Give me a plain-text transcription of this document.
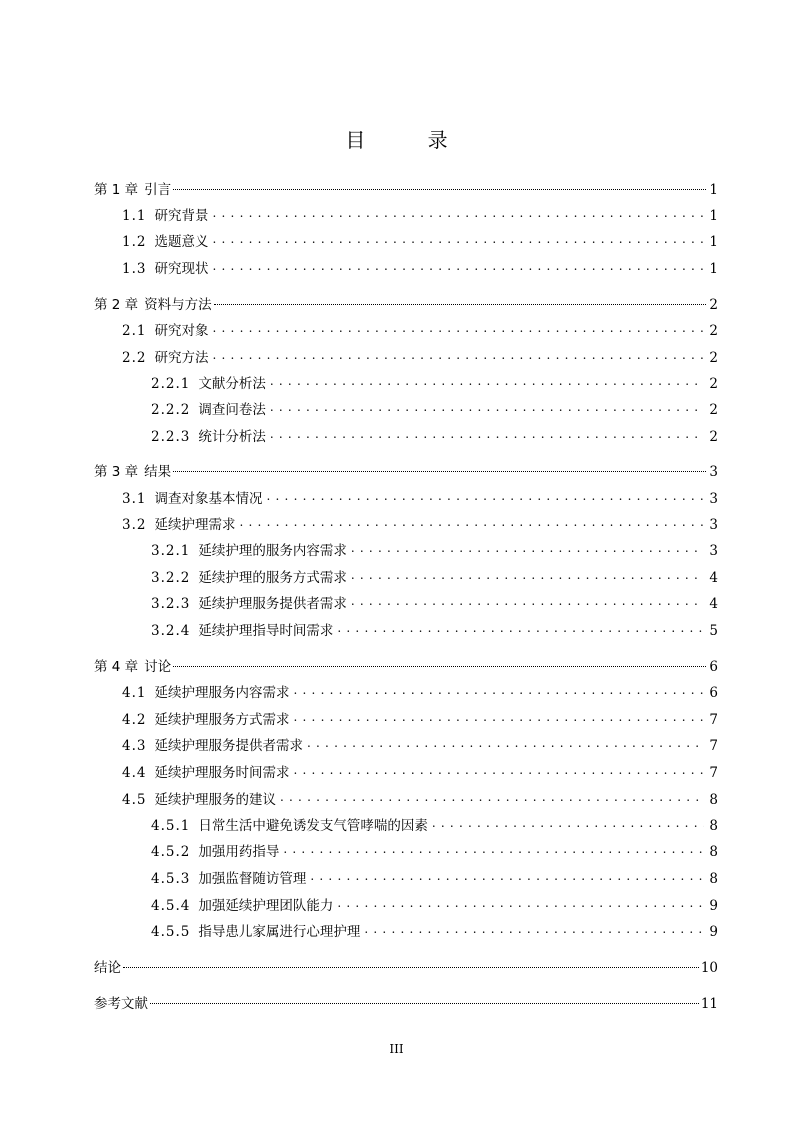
目 录
第 1 章 引言	1
1.1 研究背景 . . .	1
1.2 选题意义 . . .	1
1.3 研究现状 . . .	1
第 2 章 资料与方法	2
2.1 研究对象 . . .	2
2.2 研究方法 . . .	2
2.2.1 文献分析法 . . .	2
2.2.2 调查问卷法 . . .	2
2.2.3 统计分析法 . . .	2
第 3 章 结果	3
3.1 调查对象基本情况 . . .	3
3.2 延续护理需求 . . .	3
3.2.1 延续护理的服务内容需求 . . .	3
3.2.2 延续护理的服务方式需求 . . .	4
3.2.3 延续护理服务提供者需求 . . .	4
3.2.4 延续护理指导时间需求 . . .	5
第 4 章 讨论	6
4.1 延续护理服务内容需求 . . .	6
4.2 延续护理服务方式需求 . . .	7
4.3 延续护理服务提供者需求 . . .	7
4.4 延续护理服务时间需求 . . .	7
4.5 延续护理服务的建议 . . .	8
4.5.1 日常生活中避免诱发支气管哮喘的因素 . . .	8
4.5.2 加强用药指导 . . .	8
4.5.3 加强监督随访管理 . . .	8
4.5.4 加强延续护理团队能力 . . .	9
4.5.5 指导患儿家属进行心理护理 . . .	9
结论	10
参考文献	11
III
